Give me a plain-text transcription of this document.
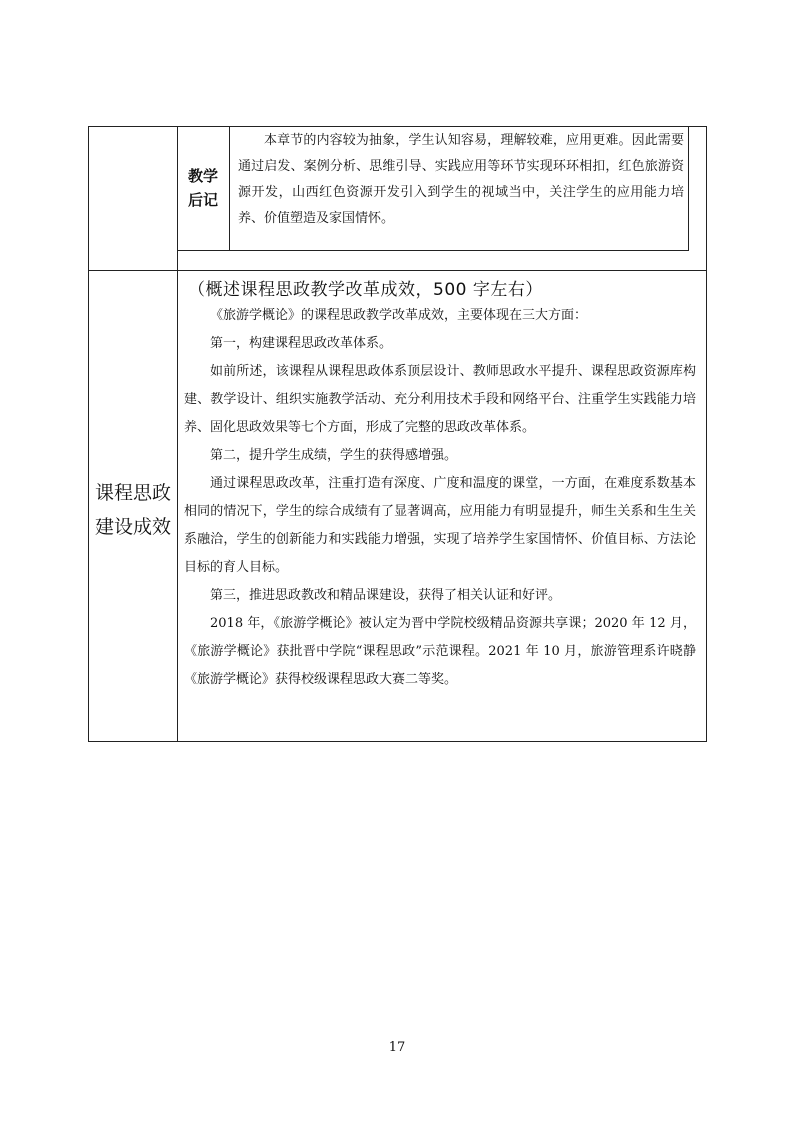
教学
后记
本章节的内容较为抽象，学生认知容易，理解较难，应用更难。因此需要通过启发、案例分析、思维引导、实践应用等环节实现环环相扣，红色旅游资源开发，山西红色资源开发引入到学生的视域当中，关注学生的应用能力培养、价值塑造及家国情怀。
课程思政
建设成效
（概述课程思政教学改革成效，500 字左右）

《旅游学概论》的课程思政教学改革成效，主要体现在三大方面：

第一，构建课程思政改革体系。

如前所述，该课程从课程思政体系顶层设计、教师思政水平提升、课程思政资源库构建、教学设计、组织实施教学活动、充分利用技术手段和网络平台、注重学生实践能力培养、固化思政效果等七个方面，形成了完整的思政改革体系。

第二，提升学生成绩，学生的获得感增强。

通过课程思政改革，注重打造有深度、广度和温度的课堂，一方面，在难度系数基本相同的情况下，学生的综合成绩有了显著调高，应用能力有明显提升，师生关系和生生关系融洽，学生的创新能力和实践能力增强，实现了培养学生家国情怀、价值目标、方法论目标的育人目标。

第三，推进思政教改和精品课建设，获得了相关认证和好评。

2018 年，《旅游学概论》被认定为晋中学院校级精品资源共享课；2020 年 12 月，《旅游学概论》获批晋中学院“课程思政”示范课程。2021 年 10 月，旅游管理系许晓静《旅游学概论》获得校级课程思政大赛二等奖。

17
